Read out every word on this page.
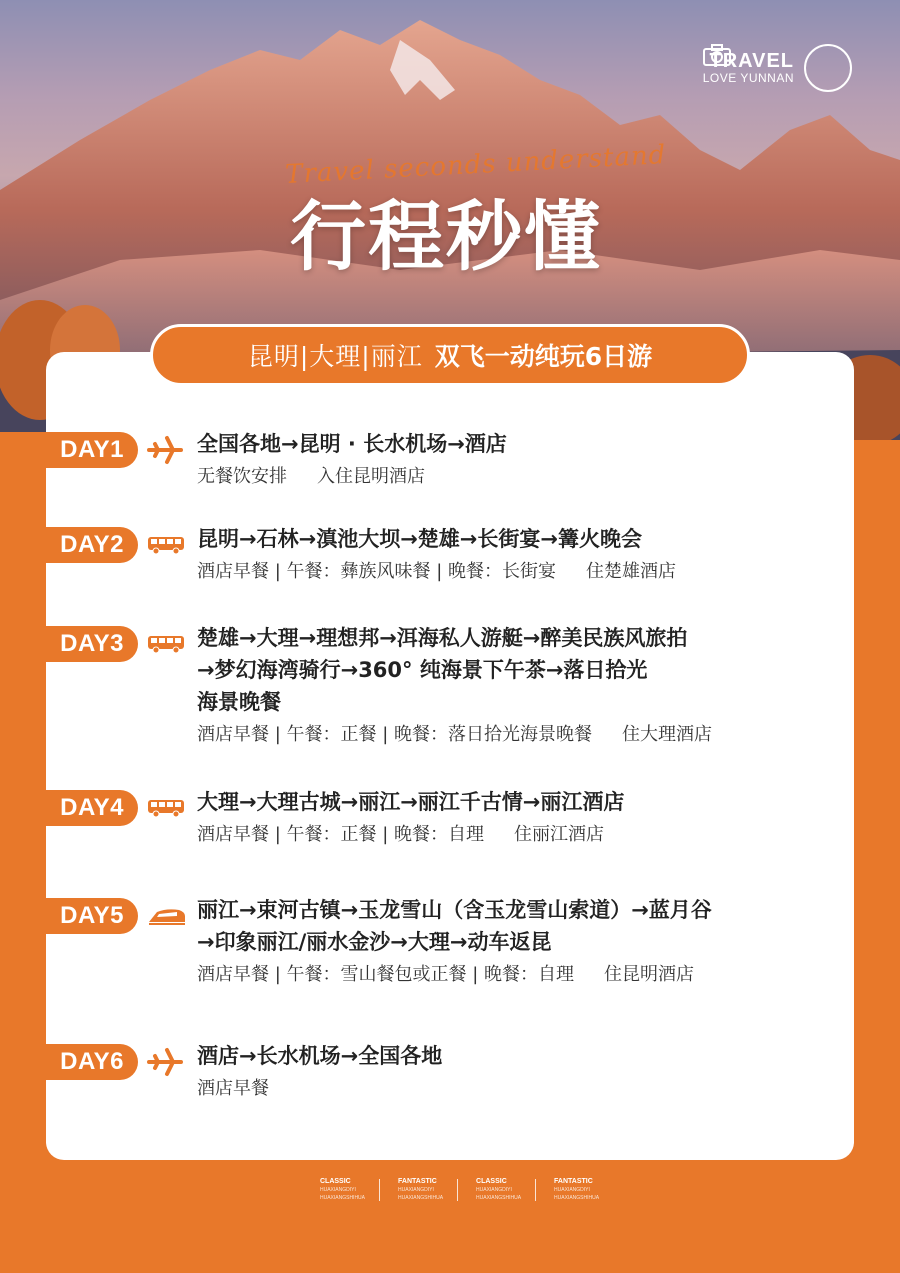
TRAVEL
LOVE YUNNAN
Travel seconds understand
行程秒懂
昆明|大理|丽江 双飞一动纯玩6日游
DAY1	全国各地→昆明 · 长水机场→酒店
无餐饮安排 入住昆明酒店
DAY2	昆明→石林→滇池大坝→楚雄→长街宴→篝火晚会
酒店早餐 | 午餐：彝族风味餐 | 晚餐：长街宴 住楚雄酒店
DAY3	楚雄→大理→理想邦→洱海私人游艇→醉美民族风旅拍
→梦幻海湾骑行→360° 纯海景下午茶→落日拾光
海景晚餐
酒店早餐 | 午餐：正餐 | 晚餐：落日拾光海景晚餐 住大理酒店
DAY4	大理→大理古城→丽江→丽江千古情→丽江酒店
酒店早餐 | 午餐：正餐 | 晚餐：自理 住丽江酒店
DAY5	丽江→束河古镇→玉龙雪山（含玉龙雪山索道）→蓝月谷
→印象丽江/丽水金沙→大理→动车返昆
酒店早餐 | 午餐：雪山餐包或正餐 | 晚餐：自理 住昆明酒店
DAY6	酒店→长水机场→全国各地
酒店早餐
CLASSIC
HUAXIANGDIYI
HUAXIANGSHIHUA
FANTASTIC
HUAXIANGDIYI
HUAXIANGSHIHUA
CLASSIC
HUAXIANGDIYI
HUAXIANGSHIHUA
FANTASTIC
HUAXIANGDIYI
HUAXIANGSHIHUA
